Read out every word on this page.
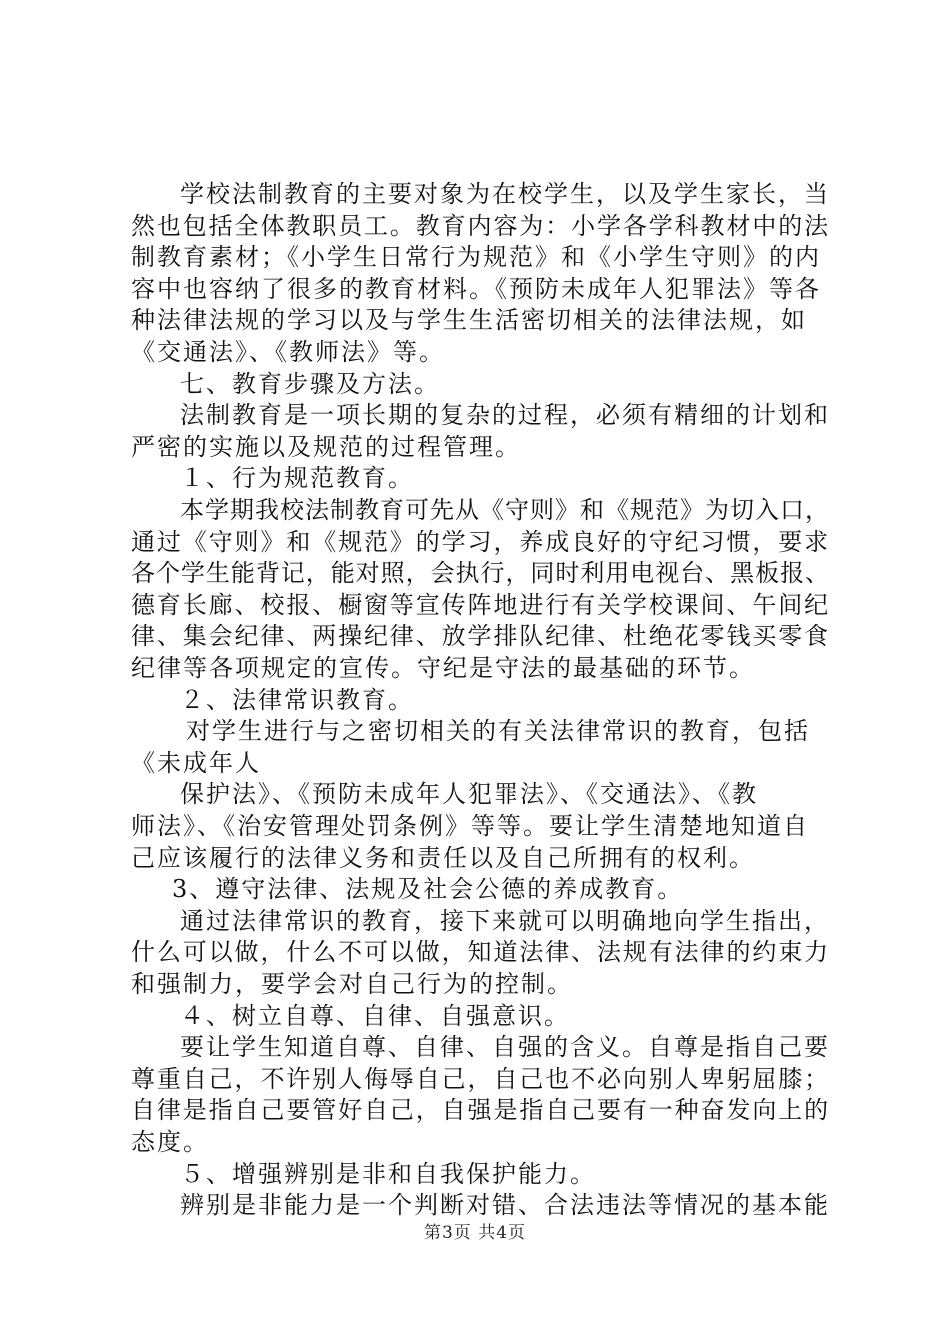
学校法制教育的主要对象为在校学生，以及学生家长，当
然也包括全体教职员工。教育内容为：小学各学科教材中的法
制教育素材；《小学生日常行为规范》和《小学生守则》的内
容中也容纳了很多的教育材料。《预防未成年人犯罪法》等各
种法律法规的学习以及与学生生活密切相关的法律法规，如
《交通法》、《教师法》等。
七、教育步骤及方法。
法制教育是一项长期的复杂的过程，必须有精细的计划和
严密的实施以及规范的过程管理。
１、行为规范教育。
本学期我校法制教育可先从《守则》和《规范》为切入口，
通过《守则》和《规范》的学习，养成良好的守纪习惯，要求
各个学生能背记，能对照，会执行，同时利用电视台、黑板报、
德育长廊、校报、橱窗等宣传阵地进行有关学校课间、午间纪
律、集会纪律、两操纪律、放学排队纪律、杜绝花零钱买零食
纪律等各项规定的宣传。守纪是守法的最基础的环节。
２、法律常识教育。
对学生进行与之密切相关的有关法律常识的教育，包括
《未成年人
保护法》、《预防未成年人犯罪法》、《交通法》、《教
师法》、《治安管理处罚条例》等等。要让学生清楚地知道自
己应该履行的法律义务和责任以及自己所拥有的权利。
3、遵守法律、法规及社会公德的养成教育。
通过法律常识的教育，接下来就可以明确地向学生指出，
什么可以做，什么不可以做，知道法律、法规有法律的约束力
和强制力，要学会对自己行为的控制。
４、树立自尊、自律、自强意识。
要让学生知道自尊、自律、自强的含义。自尊是指自己要
尊重自己，不许别人侮辱自己，自己也不必向别人卑躬屈膝；
自律是指自己要管好自己，自强是指自己要有一种奋发向上的
态度。
５、增强辨别是非和自我保护能力。
辨别是非能力是一个判断对错、合法违法等情况的基本能
第3页 共4页
